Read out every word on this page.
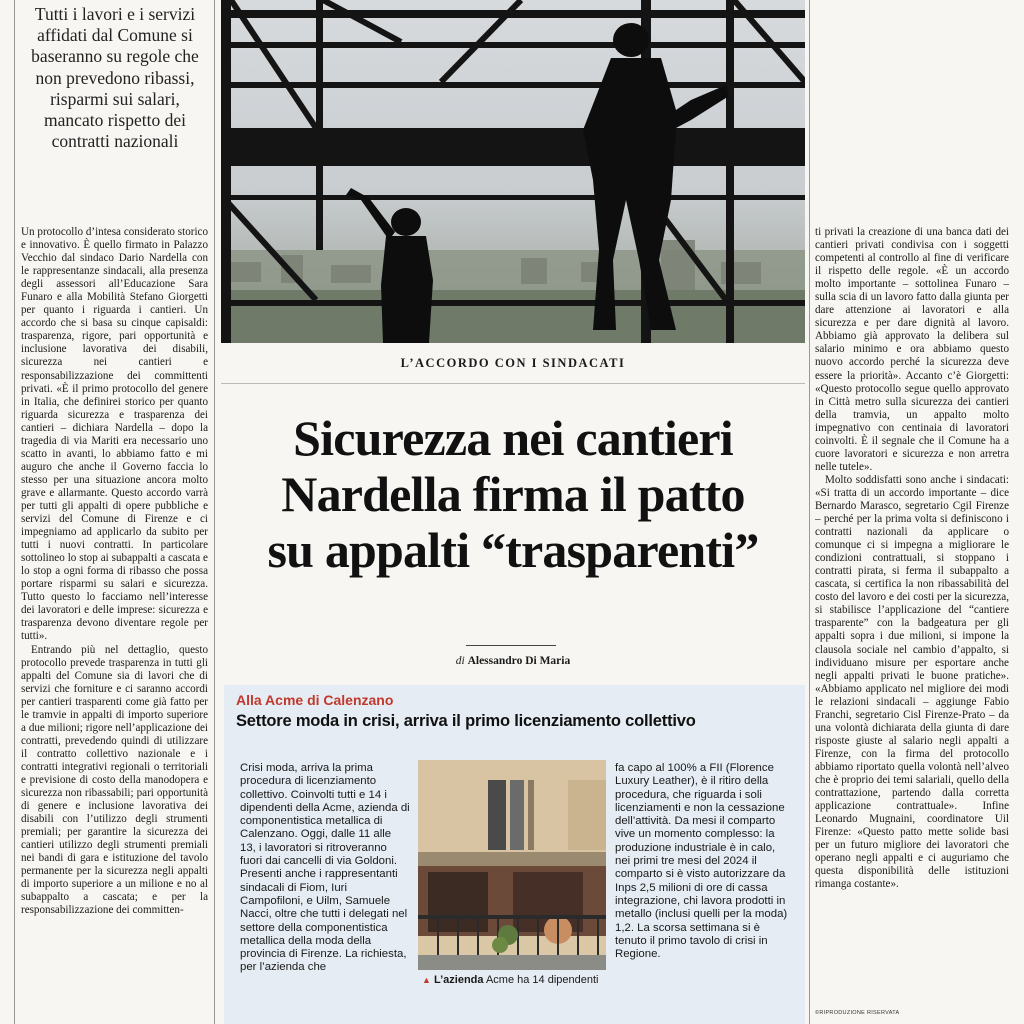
Tutti i lavori e i servizi affidati dal Comune si baseranno su regole che non prevedono ribassi, risparmi sui salari, mancato rispetto dei contratti nazionali
L’ACCORDO CON I SINDACATI
Sicurezza nei cantieri
Nardella firma il patto
su appalti “trasparenti”
di Alessandro Di Maria

Un protocollo d’intesa considerato storico e innovativo. È quello firmato in Palazzo Vecchio dal sindaco Dario Nardella con le rappresentanze sindacali, alla presenza degli assessori all’Educazione Sara Funaro e alla Mobilità Stefano Giorgetti per quanto i riguarda i cantieri. Un accordo che si basa su cinque capisaldi: trasparenza, rigore, pari opportunità e inclusione lavorativa dei disabili, sicurezza nei cantieri e responsabilizzazione dei committenti privati. «È il primo protocollo del genere in Italia, che definirei storico per quanto riguarda sicurezza e trasparenza dei cantieri – dichiara Nardella – dopo la tragedia di via Mariti era necessario uno scatto in avanti, lo abbiamo fatto e mi auguro che anche il Governo faccia lo stesso per una situazione ancora molto grave e allarmante. Questo accordo varrà per tutti gli appalti di opere pubbliche e servizi del Comune di Firenze e ci impegniamo ad applicarlo da subito per tutti i nuovi contratti. In particolare sottolineo lo stop ai subappalti a cascata e lo stop a ogni forma di ribasso che possa portare risparmi su salari e sicurezza. Tutto questo lo facciamo nell’interesse dei lavoratori e delle imprese: sicurezza e trasparenza devono diventare regole per tutti».

Entrando più nel dettaglio, questo protocollo prevede trasparenza in tutti gli appalti del Comune sia di lavori che di servizi che forniture e ci saranno accordi per cantieri trasparenti come già fatto per le tramvie in appalti di importo superiore a due milioni; rigore nell’applicazione dei contratti, prevedendo quindi di utilizzare il contratto collettivo nazionale e i contratti integrativi regionali o territoriali e previsione di costo della manodopera e sicurezza non ribassabili; pari opportunità di genere e inclusione lavorativa dei disabili con l’utilizzo degli strumenti premiali; per garantire la sicurezza dei cantieri utilizzo degli strumenti premiali nei bandi di gara e istituzione del tavolo permanente per la sicurezza negli appalti di importo superiore a un milione e no al subappalto a cascata; e per la responsabilizzazione dei committen-

ti privati la creazione di una banca dati dei cantieri privati condivisa con i soggetti competenti al controllo al fine di verificare il rispetto delle regole. «È un accordo molto importante – sottolinea Funaro – sulla scia di un lavoro fatto dalla giunta per dare attenzione ai lavoratori e alla sicurezza e per dare dignità al lavoro. Abbiamo già approvato la delibera sul salario minimo e ora abbiamo questo nuovo accordo perché la sicurezza deve essere la priorità». Accanto c’è Giorgetti: «Questo protocollo segue quello approvato in Città metro sulla sicurezza dei cantieri della tramvia, un appalto molto impegnativo con centinaia di lavoratori coinvolti. È il segnale che il Comune ha a cuore lavoratori e sicurezza e non arretra nelle tutele».

Molto soddisfatti sono anche i sindacati: «Si tratta di un accordo importante – dice Bernardo Marasco, segretario Cgil Firenze – perché per la prima volta si definiscono i contratti nazionali da applicare o comunque ci si impegna a migliorare le condizioni contrattuali, si stoppano i contratti pirata, si ferma il subappalto a cascata, si certifica la non ribassabilità del costo del lavoro e dei costi per la sicurezza, si stabilisce l’applicazione del “cantiere trasparente” con la badgeatura per gli appalti sopra i due milioni, si impone la clausola sociale nel cambio d’appalto, si individuano misure per esportare anche negli appalti privati le buone pratiche». «Abbiamo applicato nel migliore dei modi le relazioni sindacali – aggiunge Fabio Franchi, segretario Cisl Firenze-Prato – da una volontà dichiarata della giunta di dare risposte giuste al salario negli appalti a Firenze, con la firma del protocollo abbiamo riportato quella volontà nell’alveo che è proprio dei temi salariali, quello della contrattazione, partendo dalla corretta applicazione contrattuale». Infine Leonardo Mugnaini, coordinatore Uil Firenze: «Questo patto mette solide basi per un futuro migliore dei lavoratori che operano negli appalti e ci auguriamo che questa disponibilità delle istituzioni rimanga costante».

©RIPRODUZIONE RISERVATA
Alla Acme di Calenzano
Settore moda in crisi, arriva il primo licenziamento collettivo
Crisi moda, arriva la prima procedura di licenziamento collettivo. Coinvolti tutti e 14 i dipendenti della Acme, azienda di componentistica metallica di Calenzano. Oggi, dalle 11 alle 13, i lavoratori si ritroveranno fuori dai cancelli di via Goldoni. Presenti anche i rappresentanti sindacali di Fiom, Iuri Campofiloni, e Uilm, Samuele Nacci, oltre che tutti i delegati nel settore della componentistica metallica della moda della provincia di Firenze. La richiesta, per l’azienda che
▲ L’azienda Acme ha 14 dipendenti
fa capo al 100% a FII (Florence Luxury Leather), è il ritiro della procedura, che riguarda i soli licenziamenti e non la cessazione dell’attività. Da mesi il comparto vive un momento complesso: la produzione industriale è in calo, nei primi tre mesi del 2024 il comparto si è visto autorizzare da Inps 2,5 milioni di ore di cassa integrazione, chi lavora prodotti in metallo (inclusi quelli per la moda) 1,2. La scorsa settimana si è tenuto il primo tavolo di crisi in Regione.
